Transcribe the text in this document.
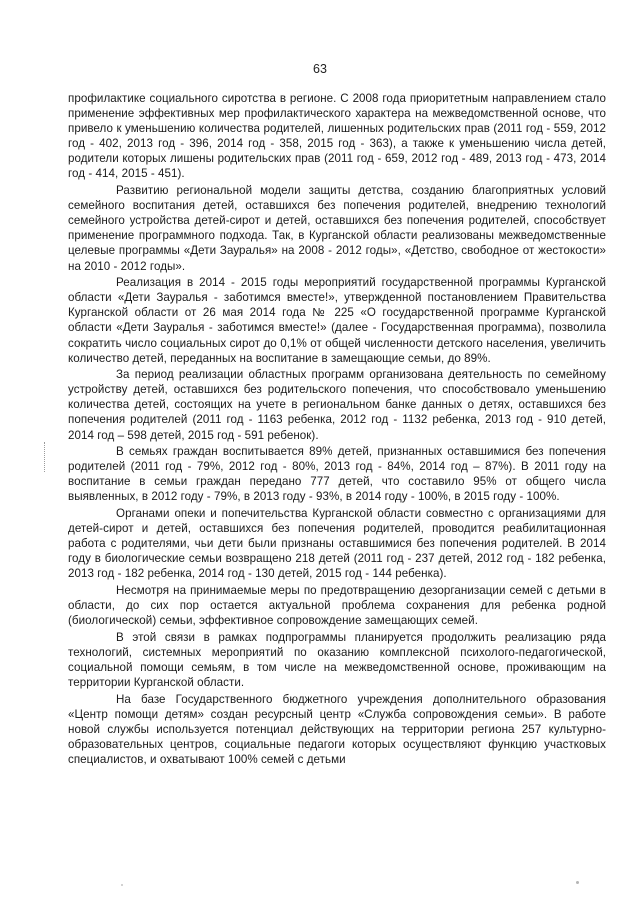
63

профилактике социального сиротства в регионе. С 2008 года приоритетным направлением стало применение эффективных мер профилактического характера на межведомственной основе, что привело к уменьшению количества родителей, лишенных родительских прав (2011 год - 559, 2012 год - 402, 2013 год - 396, 2014 год - 358, 2015 год - 363), а также к уменьшению числа детей, родители которых лишены родительских прав (2011 год - 659, 2012 год - 489, 2013 год - 473, 2014 год - 414, 2015 - 451).

Развитию региональной модели защиты детства, созданию благоприятных условий семейного воспитания детей, оставшихся без попечения родителей, внедрению технологий семейного устройства детей-сирот и детей, оставшихся без попечения родителей, способствует применение программного подхода. Так, в Курганской области реализованы межведомственные целевые программы «Дети Зауралья» на 2008 - 2012 годы», «Детство, свободное от жестокости» на 2010 - 2012 годы».

Реализация в 2014 - 2015 годы мероприятий государственной программы Курганской области «Дети Зауралья - заботимся вместе!», утвержденной постановлением Правительства Курганской области от 26 мая 2014 года № 225 «О государственной программе Курганской области «Дети Зауралья - заботимся вместе!» (далее - Государственная программа), позволила сократить число социальных сирот до 0,1% от общей численности детского населения, увеличить количество детей, переданных на воспитание в замещающие семьи, до 89%.

За период реализации областных программ организована деятельность по семейному устройству детей, оставшихся без родительского попечения, что способствовало уменьшению количества детей, состоящих на учете в региональном банке данных о детях, оставшихся без попечения родителей (2011 год - 1163 ребенка, 2012 год - 1132 ребенка, 2013 год - 910 детей, 2014 год – 598 детей, 2015 год - 591 ребенок).

В семьях граждан воспитывается 89% детей, признанных оставшимися без попечения родителей (2011 год - 79%, 2012 год - 80%, 2013 год - 84%, 2014 год – 87%). В 2011 году на воспитание в семьи граждан передано 777 детей, что составило 95% от общего числа выявленных, в 2012 году - 79%, в 2013 году - 93%, в 2014 году - 100%, в 2015 году - 100%.

Органами опеки и попечительства Курганской области совместно с организациями для детей-сирот и детей, оставшихся без попечения родителей, проводится реабилитационная работа с родителями, чьи дети были признаны оставшимися без попечения родителей. В 2014 году в биологические семьи возвращено 218 детей (2011 год - 237 детей, 2012 год - 182 ребенка, 2013 год - 182 ребенка, 2014 год - 130 детей, 2015 год - 144 ребенка).

Несмотря на принимаемые меры по предотвращению дезорганизации семей с детьми в области, до сих пор остается актуальной проблема сохранения для ребенка родной (биологической) семьи, эффективное сопровождение замещающих семей.

В этой связи в рамках подпрограммы планируется продолжить реализацию ряда технологий, системных мероприятий по оказанию комплексной психолого-педагогической, социальной помощи семьям, в том числе на межведомственной основе, проживающим на территории Курганской области.

На базе Государственного бюджетного учреждения дополнительного образования «Центр помощи детям» создан ресурсный центр «Служба сопровождения семьи». В работе новой службы используется потенциал действующих на территории региона 257 культурно-образовательных центров, социальные педагоги которых осуществляют функцию участковых специалистов, и охватывают 100% семей с детьми
